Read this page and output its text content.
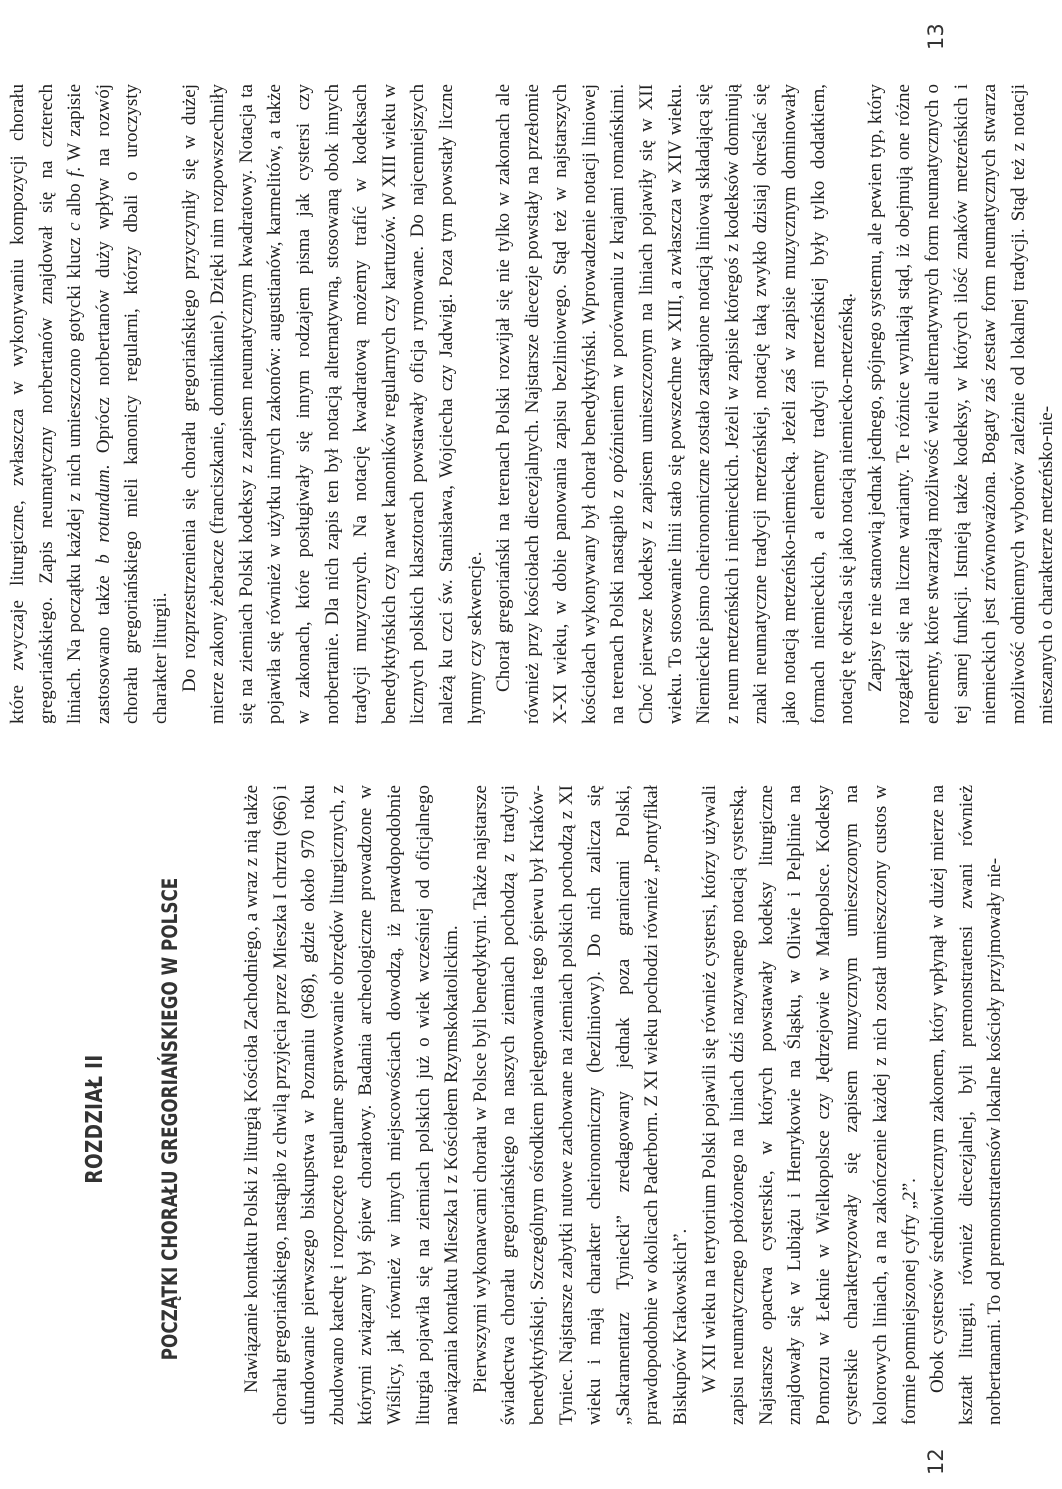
ROZDZIAŁ II POCZĄTKI CHORAŁU GREGORIAŃSKIEGO W POLSCE	Nawiązanie kontaktu Polski z liturgią Kościoła Zachodniego, a wraz z nią także chorału gregoriańskiego, nastąpiło z chwilą przyjęcia przez Mieszka I chrztu (966) i ufundowanie pierwszego biskupstwa w Poznaniu (968), gdzie około 970 roku zbudowano katedrę i rozpoczęto regularne sprawowanie obrzędów liturgicznych, z którymi związany był śpiew chorałowy. Badania archeologiczne prowadzone w Wiślicy, jak również w innych miejscowościach dowodzą, iż prawdopodobnie liturgia pojawiła się na ziemiach polskich już o wiek wcześniej od oficjalnego nawiązania kontaktu Mieszka I z Kościołem Rzymskokatolickim. Pierwszymi wykonawcami chorału w Polsce byli benedyktyni. Także najstarsze świadectwa chorału gregoriańskiego na naszych ziemiach pochodzą z tradycji benedyktyńskiej. Szczególnym ośrodkiem pielęgnowania tego śpiewu był Kraków-Tyniec. Najstarsze zabytki nutowe zachowane na ziemiach polskich pochodzą z XI wieku i mają charakter cheironomiczny (bezliniowy). Do nich zalicza się „Sakramentarz Tyniecki” zredagowany jednak poza granicami Polski, prawdopodobnie w okolicach Paderborn. Z XI wieku pochodzi również „Pontyfikał Biskupów Krakowskich”. W XII wieku na terytorium Polski pojawili się również cystersi, którzy używali zapisu neumatycznego położonego na liniach dziś nazywanego notacją cysterską. Najstarsze opactwa cysterskie, w których powstawały kodeksy liturgiczne znajdowały się w Lubiążu i Henrykowie na Śląsku, w Oliwie i Pelplinie na Pomorzu w Łeknie w Wielkopolsce czy Jędrzejowie w Małopolsce. Kodeksy cysterskie charakteryzowały się zapisem muzycznym umieszczonym na kolorowych liniach, a na zakończenie każdej z nich został umieszczony custos w formie pomniejszonej cyfry „2”. Obok cystersów średniowiecznym zakonem, który wpłynął w dużej mierze na kształt liturgii, również diecezjalnej, byli premonstratensi zwani również norbertanami. To od premonstratensów lokalne kościoły przyjmowały nie-

12

które zwyczaje liturgiczne, zwłaszcza w wykonywaniu kompozycji chorału gregoriańskiego. Zapis neumatyczny norbertanów znajdował się na czterech liniach. Na początku każdej z nich umieszczono gotycki klucz c albo f. W zapisie zastosowano także b rotundum. Oprócz norbertanów duży wpływ na rozwój chorału gregoriańskiego mieli kanonicy regularni, którzy dbali o uroczysty charakter liturgii. Do rozprzestrzenienia się chorału gregoriańskiego przyczyniły się w dużej mierze zakony żebracze (franciszkanie, dominikanie). Dzięki nim rozpowszechniły się na ziemiach Polski kodeksy z zapisem neumatycznym kwadratowy. Notacja ta pojawiła się również w użytku innych zakonów: augustianów, karmelitów, a także w zakonach, które posługiwały się innym rodzajem pisma jak cystersi czy norbertanie. Dla nich zapis ten był notacją alternatywną, stosowaną obok innych tradycji muzycznych. Na notację kwadratową możemy trafić w kodeksach benedyktyńskich czy nawet kanoników regularnych czy kartuzów. W XIII wieku w licznych polskich klasztorach powstawały oficja rymowane. Do najcenniejszych należą ku czci św. Stanisława, Wojciecha czy Jadwigi. Poza tym powstały liczne hymny czy sekwencje. Chorał gregoriański na terenach Polski rozwijał się nie tylko w zakonach ale również przy kościołach diecezjalnych. Najstarsze diecezje powstały na przełomie X-XI wieku, w dobie panowania zapisu bezliniowego. Stąd też w najstarszych kościołach wykonywany był chorał benedyktyński. Wprowadzenie notacji liniowej na terenach Polski nastąpiło z opóźnieniem w porównaniu z krajami romańskimi. Choć pierwsze kodeksy z zapisem umieszczonym na liniach pojawiły się w XII wieku. To stosowanie linii stało się powszechne w XIII, a zwłaszcza w XIV wieku. Niemieckie pismo cheironomiczne zostało zastąpione notacją liniową składającą się z neum metzeńskich i niemieckich. Jeżeli w zapisie któregoś z kodeksów dominują znaki neumatyczne tradycji metzeńskiej, notację taką zwykło dzisiaj określać się jako notacją metzeńsko-niemiecką. Jeżeli zaś w zapisie muzycznym dominowały formach niemieckich, a elementy tradycji metzeńskiej były tylko dodatkiem, notację tę określa się jako notacją niemiecko-metzeńską. Zapisy te nie stanowią jednak jednego, spójnego systemu, ale pewien typ, który rozgałęził się na liczne warianty. Te różnice wynikają stąd, iż obejmują one różne elementy, które stwarzają możliwość wielu alternatywnych form neumatycznych o tej samej funkcji. Istnieją także kodeksy, w których ilość znaków metzeńskich i niemieckich jest zrównoważona. Bogaty zaś zestaw form neumatycznych stwarza możliwość odmiennych wyborów zależnie od lokalnej tradycji. Stąd też z notacji mieszanych o charakterze metzeńsko-nie-

13
